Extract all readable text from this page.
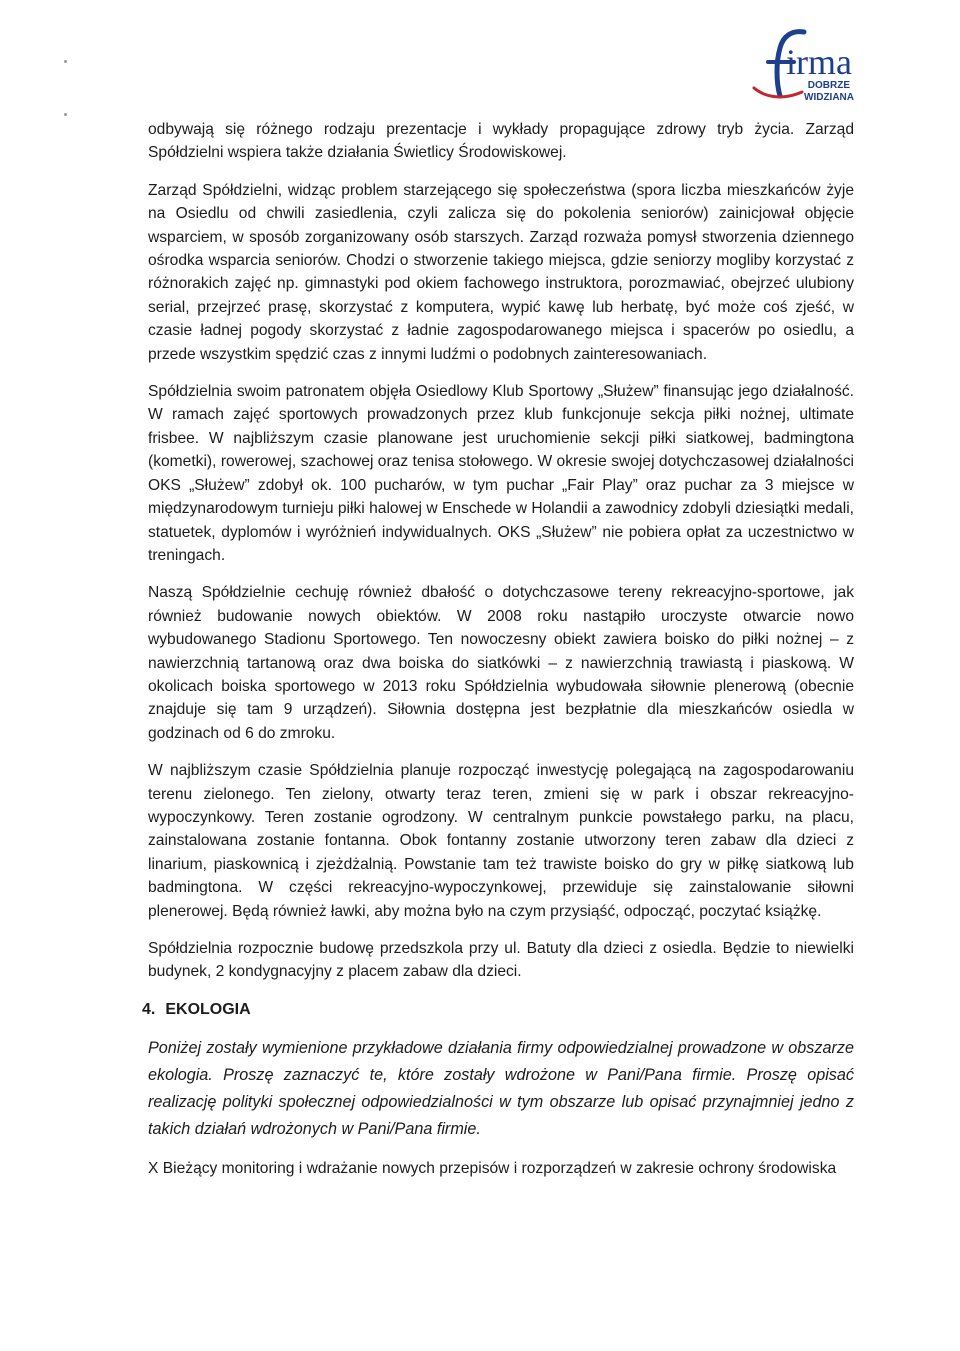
irma
DOBRZE
WIDZIANA

odbywają się różnego rodzaju prezentacje i wykłady propagujące zdrowy tryb życia. Zarząd Spółdzielni wspiera także działania Świetlicy Środowiskowej.

Zarząd Spółdzielni, widząc problem starzejącego się społeczeństwa (spora liczba mieszkańców żyje na Osiedlu od chwili zasiedlenia, czyli zalicza się do pokolenia seniorów) zainicjował objęcie wsparciem, w sposób zorganizowany osób starszych. Zarząd rozważa pomysł stworzenia dziennego ośrodka wsparcia seniorów. Chodzi o stworzenie takiego miejsca, gdzie seniorzy mogliby korzystać z różnorakich zajęć np. gimnastyki pod okiem fachowego instruktora, porozmawiać, obejrzeć ulubiony serial, przejrzeć prasę, skorzystać z komputera, wypić kawę lub herbatę, być może coś zjeść, w czasie ładnej pogody skorzystać z ładnie zagospodarowanego miejsca i spacerów po osiedlu, a przede wszystkim spędzić czas z innymi ludźmi o podobnych zainteresowaniach.

Spółdzielnia swoim patronatem objęła Osiedlowy Klub Sportowy „Służew” finansując jego działalność. W ramach zajęć sportowych prowadzonych przez klub funkcjonuje sekcja piłki nożnej, ultimate frisbee. W najbliższym czasie planowane jest uruchomienie sekcji piłki siatkowej, badmingtona (kometki), rowerowej, szachowej oraz tenisa stołowego. W okresie swojej dotychczasowej działalności OKS „Służew” zdobył ok. 100 pucharów, w tym puchar „Fair Play” oraz puchar za 3 miejsce w międzynarodowym turnieju piłki halowej w Enschede w Holandii a zawodnicy zdobyli dziesiątki medali, statuetek, dyplomów i wyróżnień indywidualnych. OKS „Służew” nie pobiera opłat za uczestnictwo w treningach.

Naszą Spółdzielnie cechuję również dbałość o dotychczasowe tereny rekreacyjno-sportowe, jak również budowanie nowych obiektów. W 2008 roku nastąpiło uroczyste otwarcie nowo wybudowanego Stadionu Sportowego. Ten nowoczesny obiekt zawiera boisko do piłki nożnej – z nawierzchnią tartanową oraz dwa boiska do siatkówki – z nawierzchnią trawiastą i piaskową. W okolicach boiska sportowego w 2013 roku Spółdzielnia wybudowała siłownie plenerową (obecnie znajduje się tam 9 urządzeń). Siłownia dostępna jest bezpłatnie dla mieszkańców osiedla w godzinach od 6 do zmroku.

W najbliższym czasie Spółdzielnia planuje rozpocząć inwestycję polegającą na zagospodarowaniu terenu zielonego. Ten zielony, otwarty teraz teren, zmieni się w park i obszar rekreacyjno-wypoczynkowy. Teren zostanie ogrodzony. W centralnym punkcie powstałego parku, na placu, zainstalowana zostanie fontanna. Obok fontanny zostanie utworzony teren zabaw dla dzieci z linarium, piaskownicą i zjeżdżalnią. Powstanie tam też trawiste boisko do gry w piłkę siatkową lub badmingtona. W części rekreacyjno-wypoczynkowej, przewiduje się zainstalowanie siłowni plenerowej. Będą również ławki, aby można było na czym przysiąść, odpocząć, poczytać książkę.

Spółdzielnia rozpocznie budowę przedszkola przy ul. Batuty dla dzieci z osiedla. Będzie to niewielki budynek, 2 kondygnacyjny z placem zabaw dla dzieci.

4. EKOLOGIA

Poniżej zostały wymienione przykładowe działania firmy odpowiedzialnej prowadzone w obszarze ekologia. Proszę zaznaczyć te, które zostały wdrożone w Pani/Pana firmie. Proszę opisać realizację polityki społecznej odpowiedzialności w tym obszarze lub opisać przynajmniej jedno z takich działań wdrożonych w Pani/Pana firmie.

X Bieżący monitoring i wdrażanie nowych przepisów i rozporządzeń w zakresie ochrony środowiska
